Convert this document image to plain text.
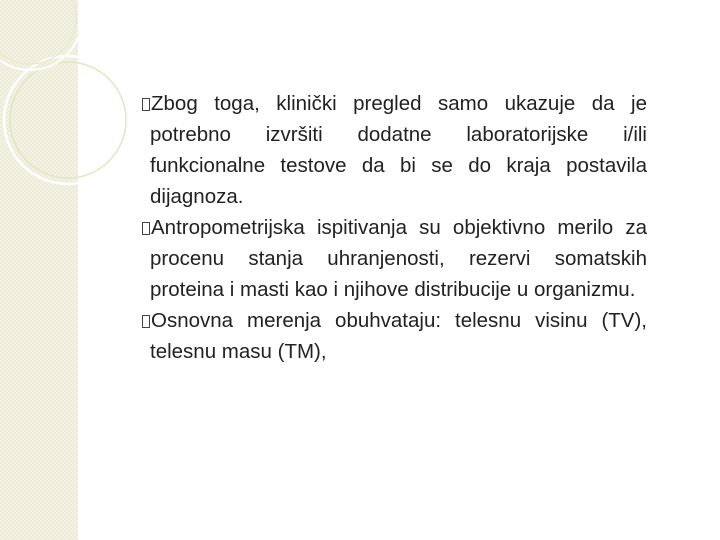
Zbog toga, klinički pregled samo ukazuje da je potrebno izvršiti dodatne laboratorijske i/ili funkcionalne testove da bi se do kraja postavila dijagnoza.
Antropometrijska ispitivanja su objektivno merilo za procenu stanja uhranjenosti, rezervi somatskih proteina i masti kao i njihove distribucije u organizmu.
Osnovna merenja obuhvataju: telesnu visinu (TV), telesnu masu (TM),
